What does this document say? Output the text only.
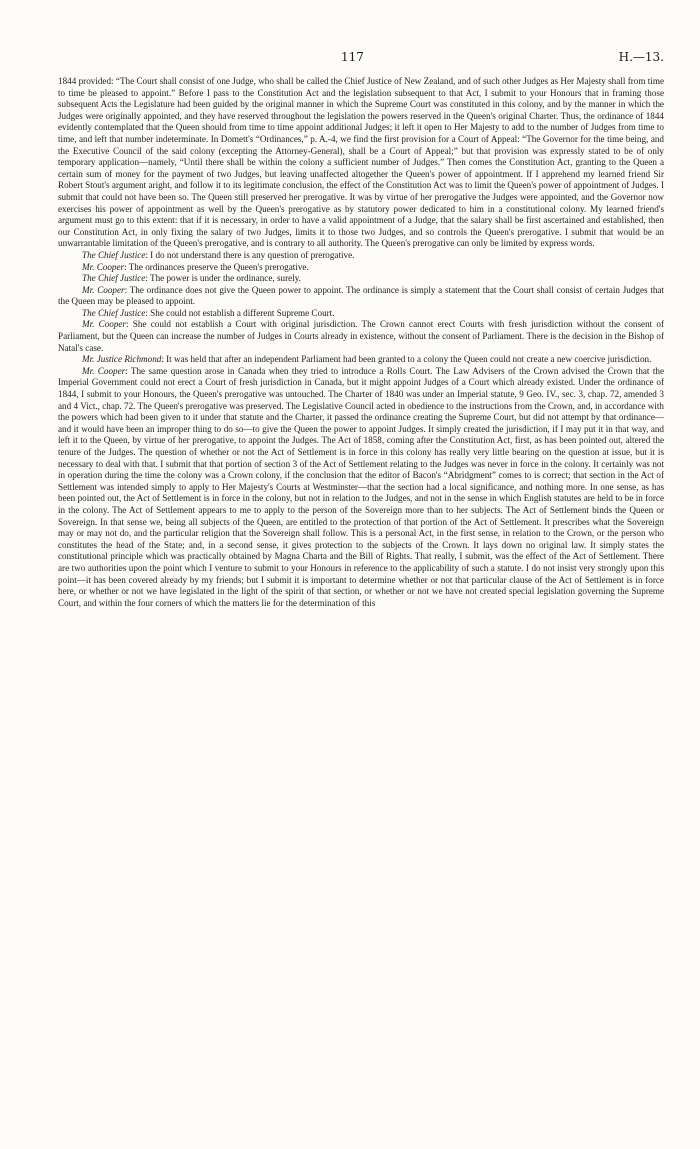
117	H.—13.

1844 provided: “The Court shall consist of one Judge, who shall be called the Chief Justice of New Zealand, and of such other Judges as Her Majesty shall from time to time be pleased to appoint.” Before I pass to the Constitution Act and the legislation subsequent to that Act, I submit to your Honours that in framing those subsequent Acts the Legislature had been guided by the original manner in which the Supreme Court was constituted in this colony, and by the manner in which the Judges were originally appointed, and they have reserved throughout the legislation the powers reserved in the Queen's original Charter. Thus, the ordinance of 1844 evidently contemplated that the Queen should from time to time appoint additional Judges; it left it open to Her Majesty to add to the number of Judges from time to time, and left that number indeterminate. In Domett's “Ordinances,” p. A.-4, we find the first provision for a Court of Appeal: “The Governor for the time being, and the Executive Council of the said colony (excepting the Attorney-General), shall be a Court of Appeal;” but that provision was expressly stated to be of only temporary application—namely, “Until there shall be within the colony a sufficient number of Judges.” Then comes the Constitution Act, granting to the Queen a certain sum of money for the payment of two Judges, but leaving unaffected altogether the Queen's power of appointment. If I apprehend my learned friend Sir Robert Stout's argument aright, and follow it to its legitimate conclusion, the effect of the Constitution Act was to limit the Queen's power of appointment of Judges. I submit that could not have been so. The Queen still preserved her prerogative. It was by virtue of her prerogative the Judges were appointed, and the Governor now exercises his power of appointment as well by the Queen's prerogative as by statutory power dedicated to him in a constitutional colony. My learned friend's argument must go to this extent: that if it is necessary, in order to have a valid appointment of a Judge, that the salary shall be first ascertained and established, then our Constitution Act, in only fixing the salary of two Judges, limits it to those two Judges, and so controls the Queen's prerogative. I submit that would be an unwarrantable limitation of the Queen's prerogative, and is contrary to all authority. The Queen's prerogative can only be limited by express words.

The Chief Justice: I do not understand there is any question of prerogative.

Mr. Cooper: The ordinances preserve the Queen's prerogative.

The Chief Justice: The power is under the ordinance, surely.

Mr. Cooper: The ordinance does not give the Queen power to appoint. The ordinance is simply a statement that the Court shall consist of certain Judges that the Queen may be pleased to appoint.

The Chief Justice: She could not establish a different Supreme Court.

Mr. Cooper: She could not establish a Court with original jurisdiction. The Crown cannot erect Courts with fresh jurisdiction without the consent of Parliament, but the Queen can increase the number of Judges in Courts already in existence, without the consent of Parliament. There is the decision in the Bishop of Natal's case.

Mr. Justice Richmond: It was held that after an independent Parliament had been granted to a colony the Queen could not create a new coercive jurisdiction.

Mr. Cooper: The same question arose in Canada when they tried to introduce a Rolls Court. The Law Advisers of the Crown advised the Crown that the Imperial Government could not erect a Court of fresh jurisdiction in Canada, but it might appoint Judges of a Court which already existed. Under the ordinance of 1844, I submit to your Honours, the Queen's prerogative was untouched. The Charter of 1840 was under an Imperial statute, 9 Geo. IV., sec. 3, chap. 72, amended 3 and 4 Vict., chap. 72. The Queen's prerogative was preserved. The Legislative Council acted in obedience to the instructions from the Crown, and, in accordance with the powers which had been given to it under that statute and the Charter, it passed the ordinance creating the Supreme Court, but did not attempt by that ordinance—and it would have been an improper thing to do so—to give the Queen the power to appoint Judges. It simply created the jurisdiction, if I may put it in that way, and left it to the Queen, by virtue of her prerogative, to appoint the Judges. The Act of 1858, coming after the Constitution Act, first, as has been pointed out, altered the tenure of the Judges. The question of whether or not the Act of Settlement is in force in this colony has really very little bearing on the question at issue, but it is necessary to deal with that. I submit that that portion of section 3 of the Act of Settlement relating to the Judges was never in force in the colony. It certainly was not in operation during the time the colony was a Crown colony, if the conclusion that the editor of Bacon's “Abridgment” comes to is correct; that section in the Act of Settlement was intended simply to apply to Her Majesty's Courts at Westminster—that the section had a local significance, and nothing more. In one sense, as has been pointed out, the Act of Settlement is in force in the colony, but not in relation to the Judges, and not in the sense in which English statutes are held to be in force in the colony. The Act of Settlement appears to me to apply to the person of the Sovereign more than to her subjects. The Act of Settlement binds the Queen or Sovereign. In that sense we, being all subjects of the Queen, are entitled to the protection of that portion of the Act of Settlement. It prescribes what the Sovereign may or may not do, and the particular religion that the Sovereign shall follow. This is a personal Act, in the first sense, in relation to the Crown, or the person who constitutes the head of the State; and, in a second sense, it gives protection to the subjects of the Crown. It lays down no original law. It simply states the constitutional principle which was practically obtained by Magna Charta and the Bill of Rights. That really, I submit, was the effect of the Act of Settlement. There are two authorities upon the point which I venture to submit to your Honours in reference to the applicability of such a statute. I do not insist very strongly upon this point—it has been covered already by my friends; but I submit it is important to determine whether or not that particular clause of the Act of Settlement is in force here, or whether or not we have legislated in the light of the spirit of that section, or whether or not we have not created special legislation governing the Supreme Court, and within the four corners of which the matters lie for the determination of this
